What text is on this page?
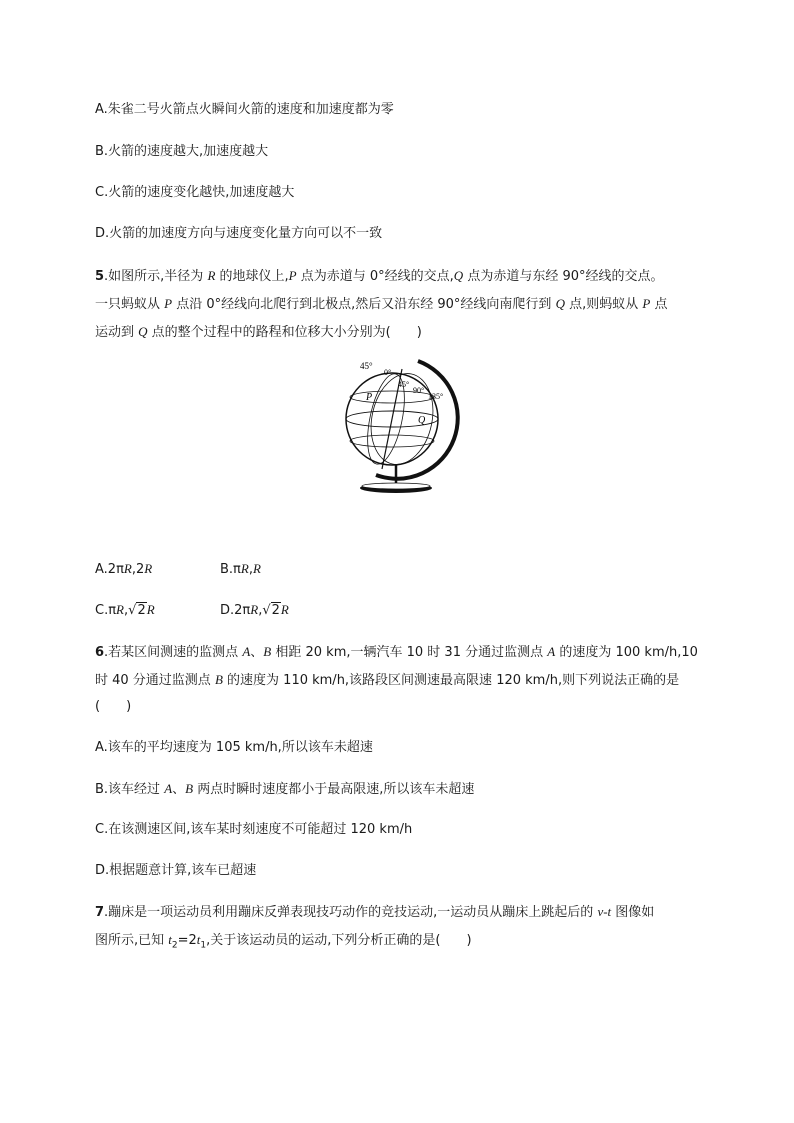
A.朱雀二号火箭点火瞬间火箭的速度和加速度都为零
B.火箭的速度越大,加速度越大
C.火箭的速度变化越快,加速度越大
D.火箭的加速度方向与速度变化量方向可以不一致
5.如图所示,半径为 R 的地球仪上,P 点为赤道与 0°经线的交点,Q 点为赤道与东经 90°经线的交点。
一只蚂蚁从 P 点沿 0°经线向北爬行到北极点,然后又沿东经 90°经线向南爬行到 Q 点,则蚂蚁从 P 点
运动到 Q 点的整个过程中的路程和位移大小分别为(　　)
45°
0°
45°
90°
135°
P
Q
A.2πR,2R	B.πR,R
C.πR,√2R	D.2πR,√2R
6.若某区间测速的监测点 A、B 相距 20 km,一辆汽车 10 时 31 分通过监测点 A 的速度为 100 km/h,10
时 40 分通过监测点 B 的速度为 110 km/h,该路段区间测速最高限速 120 km/h,则下列说法正确的是
(　　)
A.该车的平均速度为 105 km/h,所以该车未超速
B.该车经过 A、B 两点时瞬时速度都小于最高限速,所以该车未超速
C.在该测速区间,该车某时刻速度不可能超过 120 km/h
D.根据题意计算,该车已超速
7.蹦床是一项运动员利用蹦床反弹表现技巧动作的竞技运动,一运动员从蹦床上跳起后的 v-t 图像如
图所示,已知 $t_2=2t_1$,关于该运动员的运动,下列分析正确的是(　　)
